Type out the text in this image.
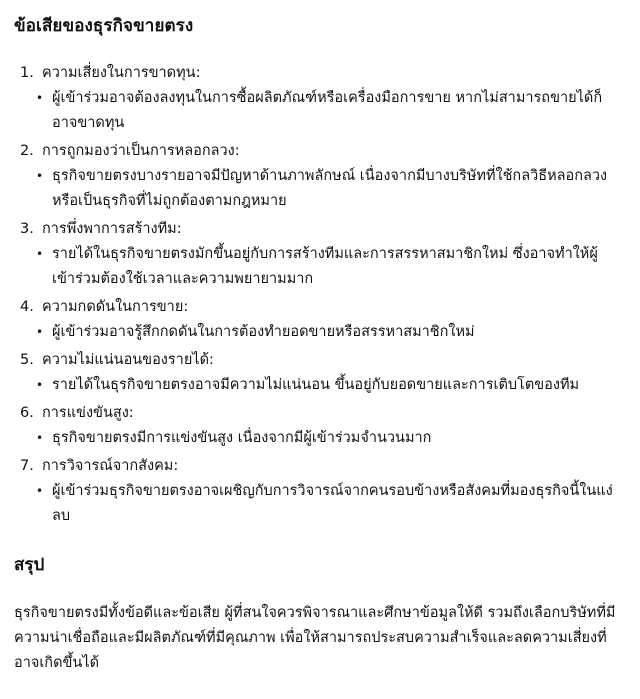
ข้อเสียของธุรกิจขายตรง
1. ความเสี่ยงในการขาดทุน:
• ผู้เข้าร่วมอาจต้องลงทุนในการซื้อผลิตภัณฑ์หรือเครื่องมือการขาย หากไม่สามารถขายได้ก็อาจขาดทุน
2. การถูกมองว่าเป็นการหลอกลวง:
• ธุรกิจขายตรงบางรายอาจมีปัญหาด้านภาพลักษณ์ เนื่องจากมีบางบริษัทที่ใช้กลวิธีหลอกลวงหรือเป็นธุรกิจที่ไม่ถูกต้องตามกฎหมาย
3. การพึ่งพาการสร้างทีม:
• รายได้ในธุรกิจขายตรงมักขึ้นอยู่กับการสร้างทีมและการสรรหาสมาชิกใหม่ ซึ่งอาจทำให้ผู้เข้าร่วมต้องใช้เวลาและความพยายามมาก
4. ความกดดันในการขาย:
• ผู้เข้าร่วมอาจรู้สึกกดดันในการต้องทำยอดขายหรือสรรหาสมาชิกใหม่
5. ความไม่แน่นอนของรายได้:
• รายได้ในธุรกิจขายตรงอาจมีความไม่แน่นอน ขึ้นอยู่กับยอดขายและการเติบโตของทีม
6. การแข่งขันสูง:
• ธุรกิจขายตรงมีการแข่งขันสูง เนื่องจากมีผู้เข้าร่วมจำนวนมาก
7. การวิจารณ์จากสังคม:
• ผู้เข้าร่วมธุรกิจขายตรงอาจเผชิญกับการวิจารณ์จากคนรอบข้างหรือสังคมที่มองธุรกิจนี้ในแง่ลบ
สรุป

ธุรกิจขายตรงมีทั้งข้อดีและข้อเสีย ผู้ที่สนใจควรพิจารณาและศึกษาข้อมูลให้ดี รวมถึงเลือกบริษัทที่มีความน่าเชื่อถือและมีผลิตภัณฑ์ที่มีคุณภาพ เพื่อให้สามารถประสบความสำเร็จและลดความเสี่ยงที่อาจเกิดขึ้นได้
